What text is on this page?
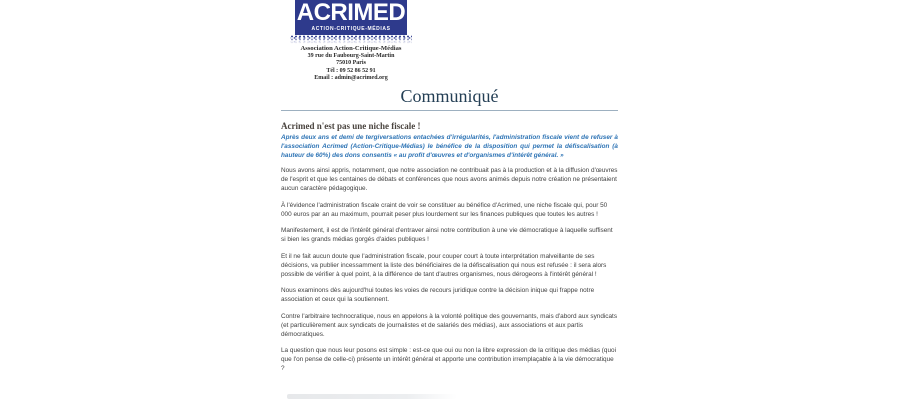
ACRIMED
ACTION-CRITIQUE-MÉDIAS
Association Action-Critique-Médias
39 rue du Faubourg-Saint-Martin
75010 Paris
Tél : 09 52 86 52 91
Email : admin@acrimed.org
Communiqué
Acrimed n'est pas une niche fiscale !

Après deux ans et demi de tergiversations entachées d'irrégularités, l'administration fiscale vient de refuser à l'association Acrimed (Action-Critique-Médias) le bénéfice de la disposition qui permet la défiscalisation (à hauteur de 60%) des dons consentis « au profit d'œuvres et d'organismes d'intérêt général. »

Nous avons ainsi appris, notamment, que notre association ne contribuait pas à la production et à la diffusion d'œuvres de l'esprit et que les centaines de débats et conférences que nous avons animés depuis notre création ne présentaient aucun caractère pédagogique.

À l'évidence l'administration fiscale craint de voir se constituer au bénéfice d'Acrimed, une niche fiscale qui, pour 50 000 euros par an au maximum, pourrait peser plus lourdement sur les finances publiques que toutes les autres !

Manifestement, il est de l'intérêt général d'entraver ainsi notre contribution à une vie démocratique à laquelle suffisent si bien les grands médias gorgés d'aides publiques !

Et il ne fait aucun doute que l'administration fiscale, pour couper court à toute interprétation malveillante de ses décisions, va publier incessamment la liste des bénéficiaires de la défiscalisation qui nous est refusée : il sera alors possible de vérifier à quel point, à la différence de tant d'autres organismes, nous dérogeons à l'intérêt général !

Nous examinons dès aujourd'hui toutes les voies de recours juridique contre la décision inique qui frappe notre association et ceux qui la soutiennent.

Contre l'arbitraire technocratique, nous en appelons à la volonté politique des gouvernants, mais d'abord aux syndicats (et particulièrement aux syndicats de journalistes et de salariés des médias), aux associations et aux partis démocratiques.

La question que nous leur posons est simple : est-ce que oui ou non la libre expression de la critique des médias (quoi que l'on pense de celle-ci) présente un intérêt général et apporte une contribution irremplaçable à la vie démocratique ?
